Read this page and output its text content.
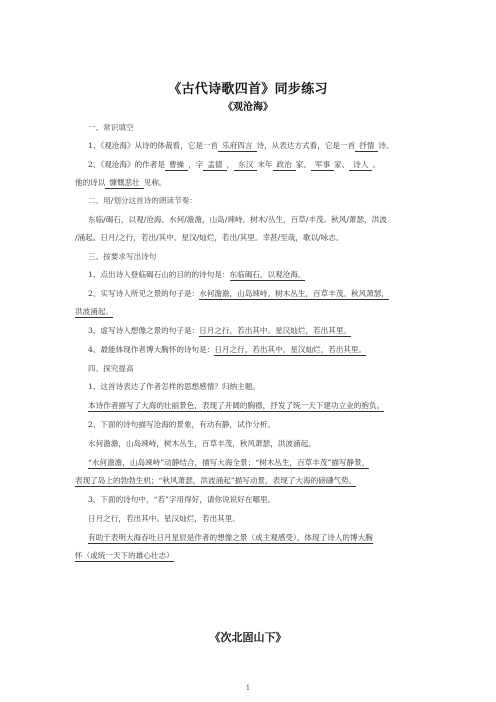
《古代诗歌四首》同步练习
《观沧海》
一、常识填空
1、《观沧海》从诗的体裁看，它是一首 乐府四言 诗，从表达方式看，它是一首 抒情 诗。
2、《观沧海》的作者是 曹操 ，字 孟德 ， 东汉 末年 政治 家、 军事 家、 诗人 。
他的诗以 慷慨悲壮 见称。
二、用/划分这首诗的朗读节奏：
东临/碣石，以观/沧海。水何/澹澹，山岛/竦峙。树木/丛生，百草/丰茂。秋风/萧瑟，洪波
/涌起。日月/之行，若出/其中。星汉/灿烂，若出/其里。幸甚/至哉，歌以/咏志。
三、按要求写出诗句
1、点出诗人登临碣石山的目的的诗句是：东临碣石，以观沧海。
2、实写诗人所见之景的句子是：水何澹澹，山岛竦峙。树木丛生，百草丰茂。秋风萧瑟，
洪波涌起。
3、虚写诗人想像之景的句子是：日月之行，若出其中。星汉灿烂，若出其里。
4、最能体现作者博大胸怀的诗句是：日月之行，若出其中。星汉灿烂，若出其里。
四、探究提高
1、这首诗表达了作者怎样的思想感情？归纳主题。
本诗作者描写了大海的壮丽景色，表现了开阔的胸襟，抒发了统一天下建功立业的抱负。
2、下面的诗句描写沧海的景象，有动有静，试作分析。
水何澹澹，山岛竦峙，树木丛生，百草丰茂，秋风萧瑟，洪波涌起。
“水何澹澹，山岛竦峙”动静结合，描写大海全景；“树木丛生，百草丰茂”描写静景，
表现了岛上的勃勃生机；“秋风萧瑟，洪波涌起”描写动景，表现了大海的磅礴气势。
3、下面的诗句中，“若”字用得好，请你说说好在哪里。
日月之行，若出其中。星汉灿烂，若出其里。
有助于表明大海吞吐日月星辰是作者的想像之景（或主观感受），体现了诗人的博大胸
怀（或统一天下的雄心壮志）
《次北固山下》
1
